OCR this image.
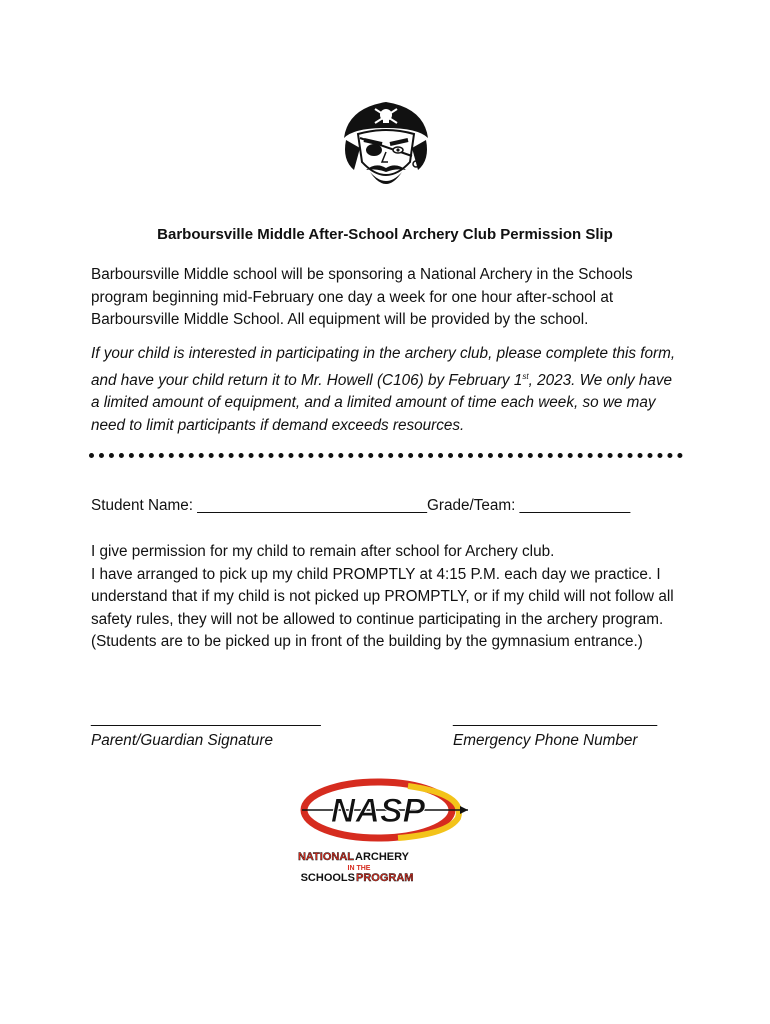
Barboursville Middle After-School Archery Club Permission Slip

Barboursville Middle school will be sponsoring a National Archery in the Schools program beginning mid-February one day a week for one hour after-school at Barboursville Middle School. All equipment will be provided by the school.

If your child is interested in participating in the archery club, please complete this form, and have your child return it to Mr. Howell (C106) by February 1st, 2023. We only have a limited amount of equipment, and a limited amount of time each week, so we may need to limit participants if demand exceeds resources.

Student Name: ___________________________Grade/Team: _____________

I give permission for my child to remain after school for Archery club.
I have arranged to pick up my child PROMPTLY at 4:15 P.M. each day we practice. I understand that if my child is not picked up PROMPTLY, or if my child will not follow all safety rules, they will not be allowed to continue participating in the archery program. (Students are to be picked up in front of the building by the gymnasium entrance.)

___________________________
Parent/Guardian Signature
________________________
Emergency Phone Number
NASP
NATIONAL ARCHERY
IN THE
SCHOOLS PROGRAM
